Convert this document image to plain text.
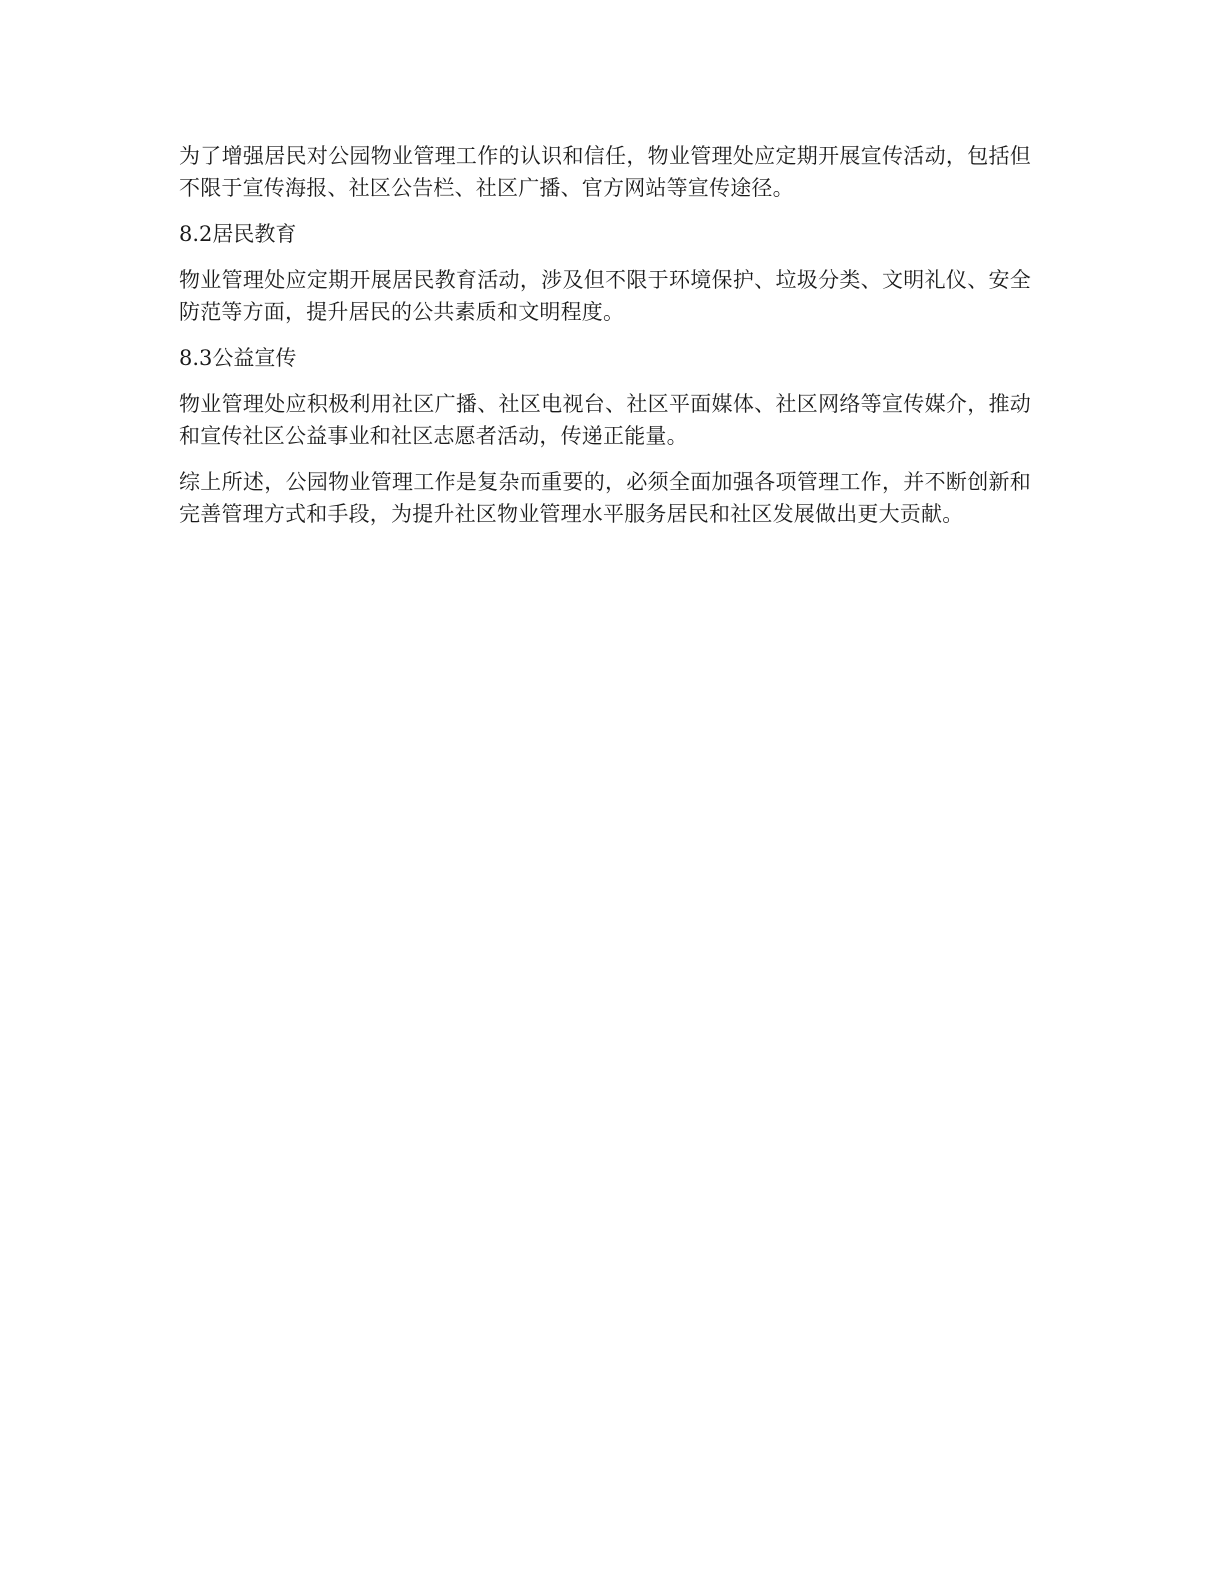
为了增强居民对公园物业管理工作的认识和信任，物业管理处应定期开展宣传活动，包括但不限于宣传海报、社区公告栏、社区广播、官方网站等宣传途径。

8.2居民教育

物业管理处应定期开展居民教育活动，涉及但不限于环境保护、垃圾分类、文明礼仪、安全防范等方面，提升居民的公共素质和文明程度。

8.3公益宣传

物业管理处应积极利用社区广播、社区电视台、社区平面媒体、社区网络等宣传媒介，推动和宣传社区公益事业和社区志愿者活动，传递正能量。

综上所述，公园物业管理工作是复杂而重要的，必须全面加强各项管理工作，并不断创新和完善管理方式和手段，为提升社区物业管理水平服务居民和社区发展做出更大贡献。
